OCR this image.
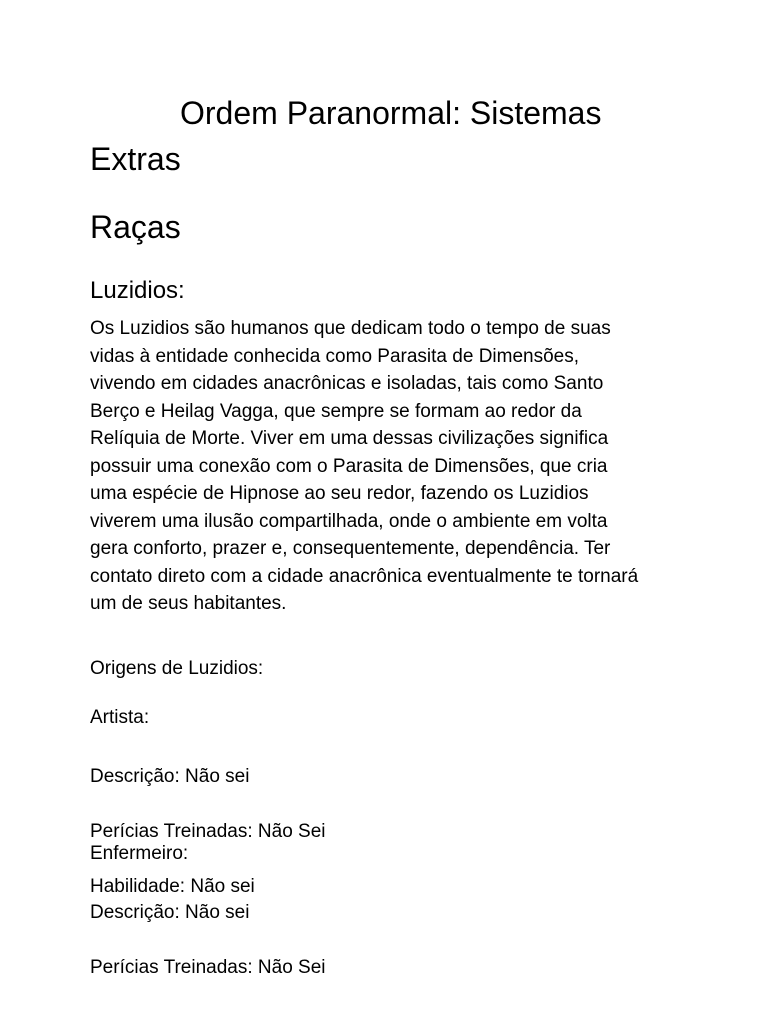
Ordem Paranormal: Sistemas Extras
Raças
Luzidios:

Os Luzidios são humanos que dedicam todo o tempo de suas
vidas à entidade conhecida como Parasita de Dimensões,
vivendo em cidades anacrônicas e isoladas, tais como Santo
Berço e Heilag Vagga, que sempre se formam ao redor da
Relíquia de Morte. Viver em uma dessas civilizações significa
possuir uma conexão com o Parasita de Dimensões, que cria
uma espécie de Hipnose ao seu redor, fazendo os Luzidios
viverem uma ilusão compartilhada, onde o ambiente em volta
gera conforto, prazer e, consequentemente, dependência. Ter
contato direto com a cidade anacrônica eventualmente te tornará
um de seus habitantes.

Origens de Luzidios:

Artista:

Descrição: Não sei

Perícias Treinadas: Não Sei

Habilidade: Não sei

Enfermeiro:

Descrição: Não sei

Perícias Treinadas: Não Sei
